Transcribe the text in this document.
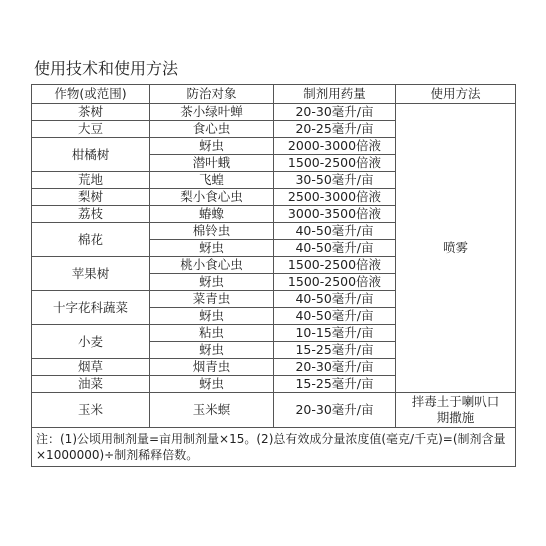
使用技术和使用方法
作物(或范围)	防治对象	制剂用药量	使用方法
茶树	茶小绿叶蝉	20-30毫升/亩	喷雾
大豆	食心虫	20-25毫升/亩	
柑橘树	蚜虫	2000-3000倍液	
	潜叶蛾	1500-2500倍液	
荒地	飞蝗	30-50毫升/亩	
梨树	梨小食心虫	2500-3000倍液	
荔枝	蝽蟓	3000-3500倍液	
棉花	棉铃虫	40-50毫升/亩	
	蚜虫	40-50毫升/亩	
苹果树	桃小食心虫	1500-2500倍液	
	蚜虫	1500-2500倍液	
十字花科蔬菜	菜青虫	40-50毫升/亩	
	蚜虫	40-50毫升/亩	
小麦	粘虫	10-15毫升/亩	
	蚜虫	15-25毫升/亩	
烟草	烟青虫	20-30毫升/亩	
油菜	蚜虫	15-25毫升/亩	
玉米	玉米螟	20-30毫升/亩	拌毒土于喇叭口期撒施
注：(1)公顷用制剂量=亩用制剂量×15。(2)总有效成分量浓度值(毫克/千克)=(制剂含量×1000000)÷制剂稀释倍数。			
